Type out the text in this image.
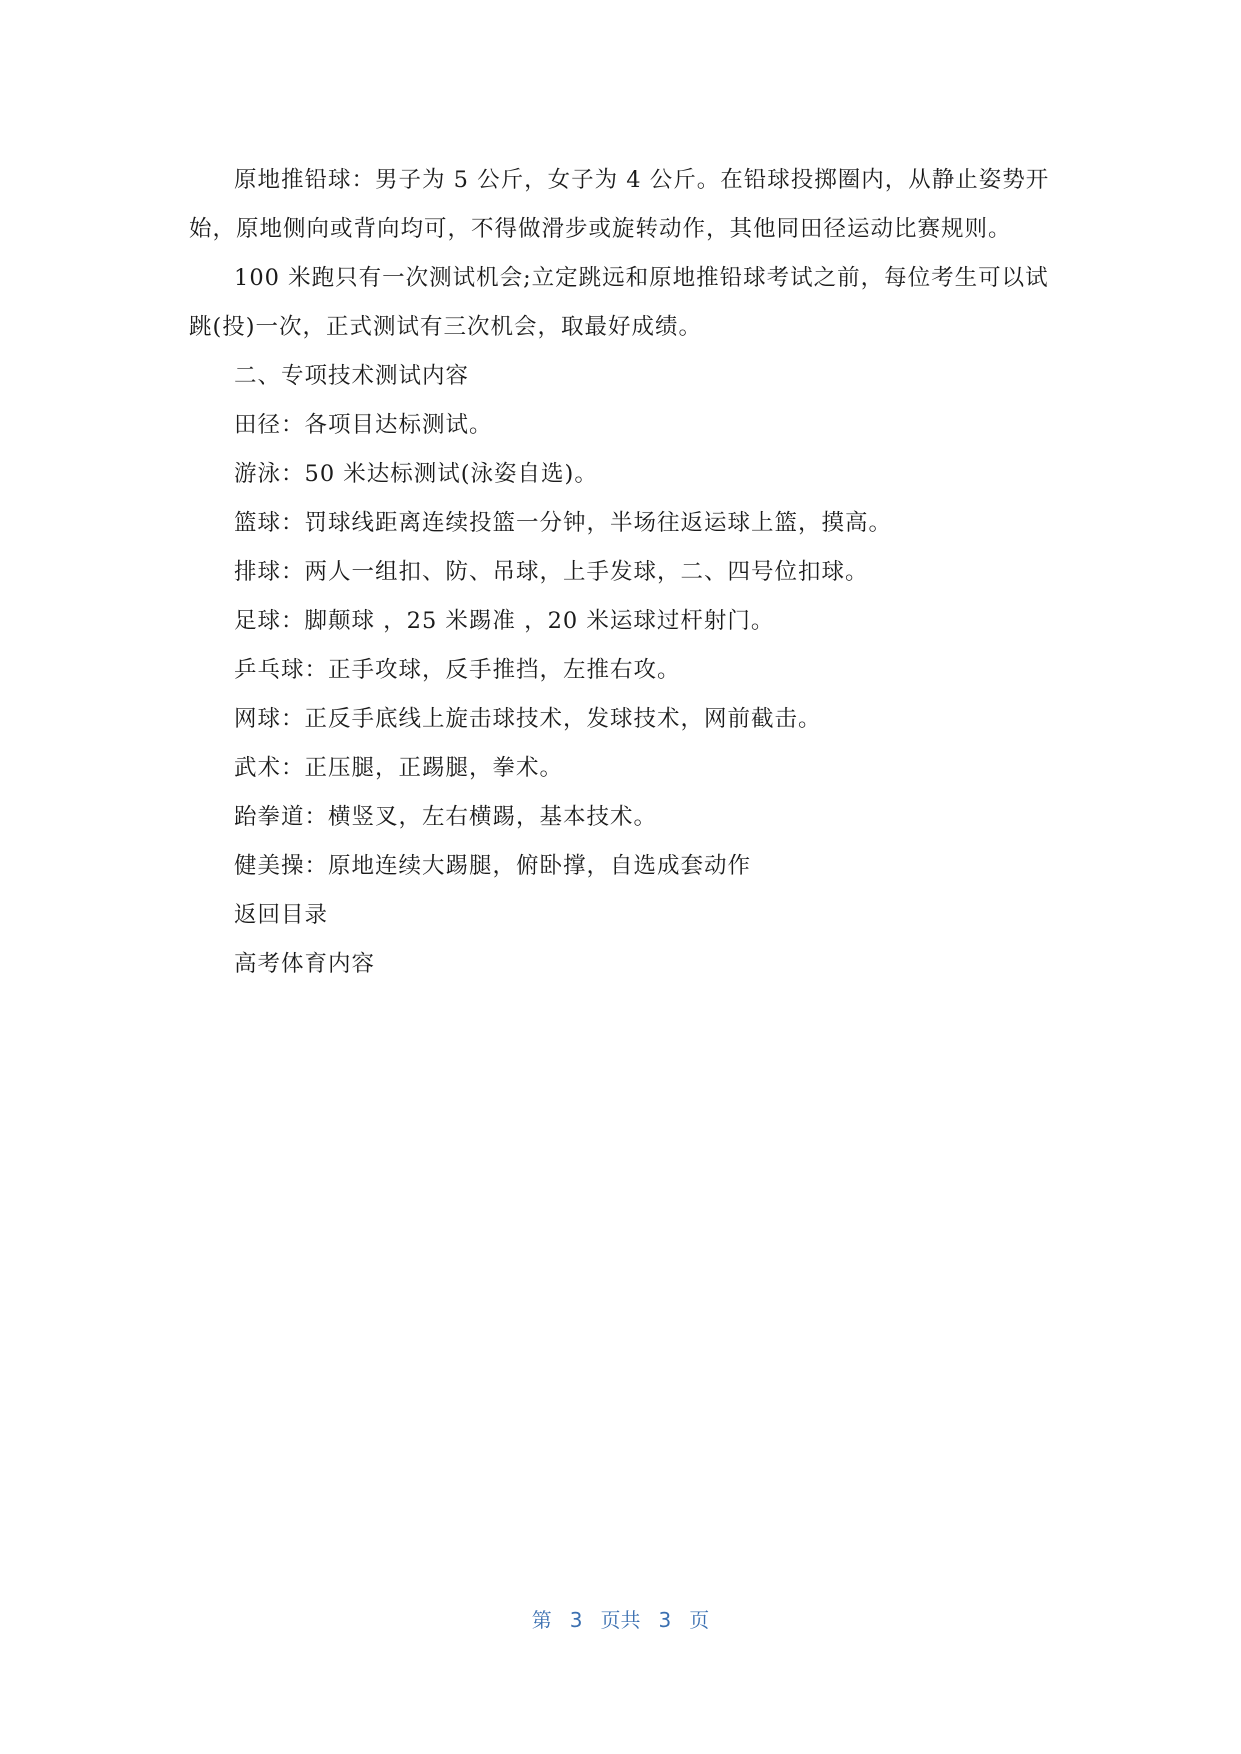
原地推铅球：男子为 5 公斤，女子为 4 公斤。在铅球投掷圈内，从静止姿势开始，原地侧向或背向均可，不得做滑步或旋转动作，其他同田径运动比赛规则。

100 米跑只有一次测试机会;立定跳远和原地推铅球考试之前，每位考生可以试跳(投)一次，正式测试有三次机会，取最好成绩。

二、专项技术测试内容

田径：各项目达标测试。

游泳：50 米达标测试(泳姿自选)。

篮球：罚球线距离连续投篮一分钟，半场往返运球上篮，摸高。

排球：两人一组扣、防、吊球，上手发球，二、四号位扣球。

足球：脚颠球 ，25 米踢准 ，20 米运球过杆射门。

乒乓球：正手攻球，反手推挡，左推右攻。

网球：正反手底线上旋击球技术，发球技术，网前截击。

武术：正压腿，正踢腿，拳术。

跆拳道：横竖叉，左右横踢，基本技术。

健美操：原地连续大踢腿，俯卧撑，自选成套动作

返回目录

高考体育内容

第 3 页共 3 页
